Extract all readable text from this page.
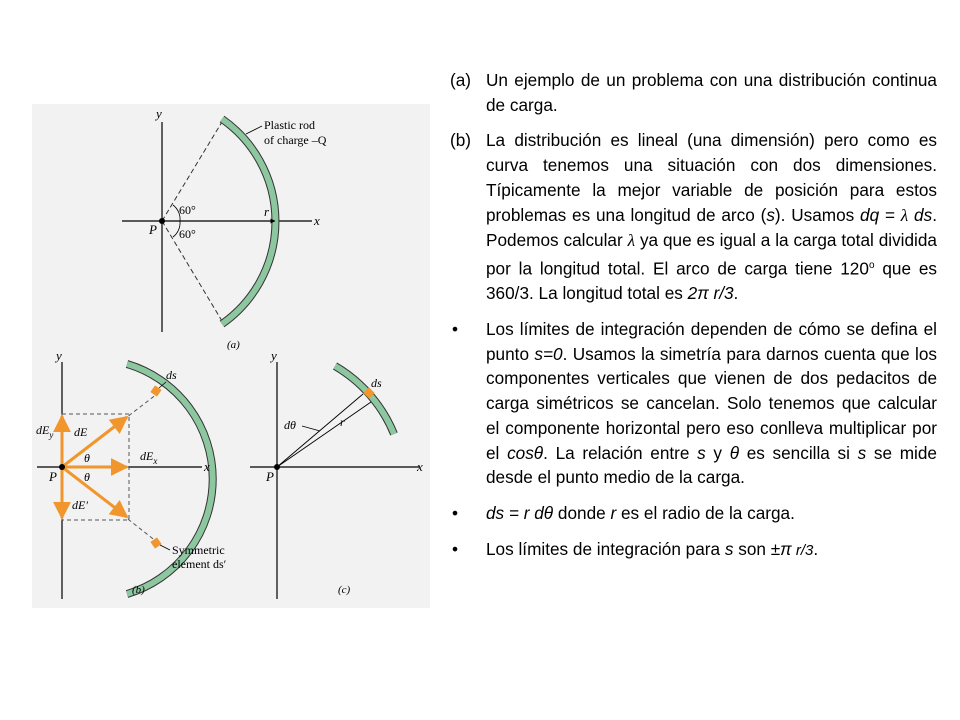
y
x
P
r
60°
60°
Plastic rod
of charge –Q
(a)
y
x
P
$dE_y$ dE
$dE_x$
dE′
θ
θ
ds
Symmetric
element ds′
(b)
y
x
P
ds
dθ	r
(c)
(a) Un ejemplo de un problema con una distribución continua de carga.
(b) La distribución es lineal (una dimensión) pero como es curva tenemos una situación con dos dimensiones. Típicamente la mejor variable de posición para estos problemas es una longitud de arco (s). Usamos dq = λ ds. Podemos calcular λ ya que es igual a la carga total dividida por la longitud total. El arco de carga tiene 120$^o$ que es 360/3. La longitud total es 2π r/3.
•	Los límites de integración dependen de cómo se defina el punto s=0. Usamos la simetría para darnos cuenta que los componentes verticales que vienen de dos pedacitos de carga simétricos se cancelan. Solo tenemos que calcular el componente horizontal pero eso conlleva multiplicar por el cosθ. La relación entre s y θ es sencilla si s se mide desde el punto medio de la carga.
•	ds = r dθ donde r es el radio de la carga.
•	Los límites de integración para s son ±π r/3.
